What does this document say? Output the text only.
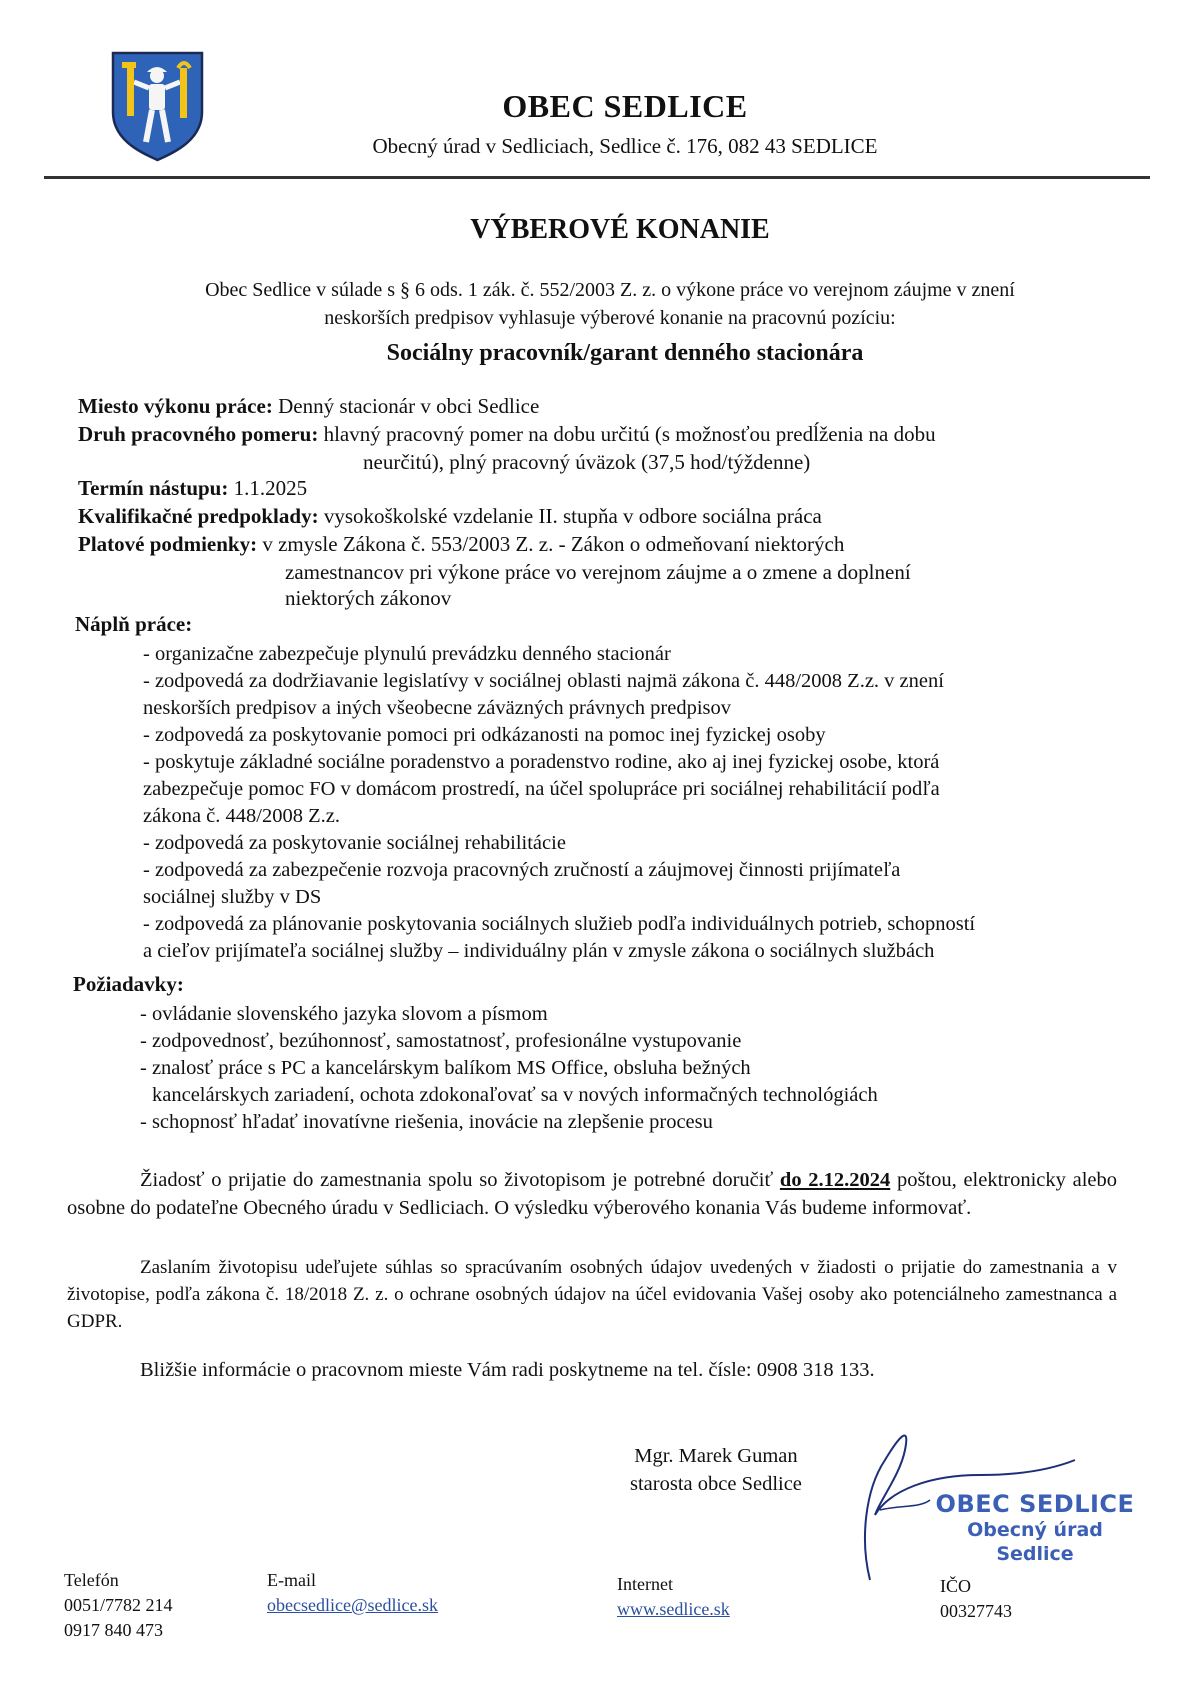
OBEC SEDLICE
Obecný úrad v Sedliciach, Sedlice č. 176, 082 43 SEDLICE
VÝBEROVÉ KONANIE
Obec Sedlice v súlade s § 6 ods. 1 zák. č. 552/2003 Z. z. o výkone práce vo verejnom záujme v znení
neskorších predpisov vyhlasuje výberové konanie na pracovnú pozíciu:
Sociálny pracovník/garant denného stacionára
Miesto výkonu práce: Denný stacionár v obci Sedlice
Druh pracovného pomeru: hlavný pracovný pomer na dobu určitú (s možnosťou predĺženia na dobu
neurčitú), plný pracovný úväzok (37,5 hod/týždenne)
Termín nástupu: 1.1.2025
Kvalifikačné predpoklady: vysokoškolské vzdelanie II. stupňa v odbore sociálna práca
Platové podmienky: v zmysle Zákona č. 553/2003 Z. z. - Zákon o odmeňovaní niektorých
zamestnancov pri výkone práce vo verejnom záujme a o zmene a doplnení
niektorých zákonov
Náplň práce:
- organizačne zabezpečuje plynulú prevádzku denného stacionár
- zodpovedá za dodržiavanie legislatívy v sociálnej oblasti najmä zákona č. 448/2008 Z.z. v znení
neskorších predpisov a iných všeobecne záväzných právnych predpisov
- zodpovedá za poskytovanie pomoci pri odkázanosti na pomoc inej fyzickej osoby
- poskytuje základné sociálne poradenstvo a poradenstvo rodine, ako aj inej fyzickej osobe, ktorá
zabezpečuje pomoc FO v domácom prostredí, na účel spolupráce pri sociálnej rehabilitácií podľa
zákona č. 448/2008 Z.z.
- zodpovedá za poskytovanie sociálnej rehabilitácie
- zodpovedá za zabezpečenie rozvoja pracovných zručností a záujmovej činnosti prijímateľa
sociálnej služby v DS
- zodpovedá za plánovanie poskytovania sociálnych služieb podľa individuálnych potrieb, schopností
a cieľov prijímateľa sociálnej služby – individuálny plán v zmysle zákona o sociálnych službách
Požiadavky:
- ovládanie slovenského jazyka slovom a písmom
- zodpovednosť, bezúhonnosť, samostatnosť, profesionálne vystupovanie
- znalosť práce s PC a kancelárskym balíkom MS Office, obsluha bežných
kancelárskych zariadení, ochota zdokonaľovať sa v nových informačných technológiách
- schopnosť hľadať inovatívne riešenia, inovácie na zlepšenie procesu
Žiadosť o prijatie do zamestnania spolu so životopisom je potrebné doručiť do 2.12.2024 poštou, elektronicky alebo osobne do podateľne Obecného úradu v Sedliciach. O výsledku výberového konania Vás budeme informovať.
Zaslaním životopisu udeľujete súhlas so spracúvaním osobných údajov uvedených v žiadosti o prijatie do zamestnania a v životopise, podľa zákona č. 18/2018 Z. z. o ochrane osobných údajov na účel evidovania Vašej osoby ako potenciálneho zamestnanca a GDPR.
Bližšie informácie o pracovnom mieste Vám radi poskytneme na tel. čísle: 0908 318 133.
Mgr. Marek Guman
starosta obce Sedlice
OBEC SEDLICE
Obecný úrad
Sedlice
Telefón
0051/7782 214
0917 840 473
E-mail
obecsedlice@sedlice.sk
Internet
www.sedlice.sk
IČO
00327743
